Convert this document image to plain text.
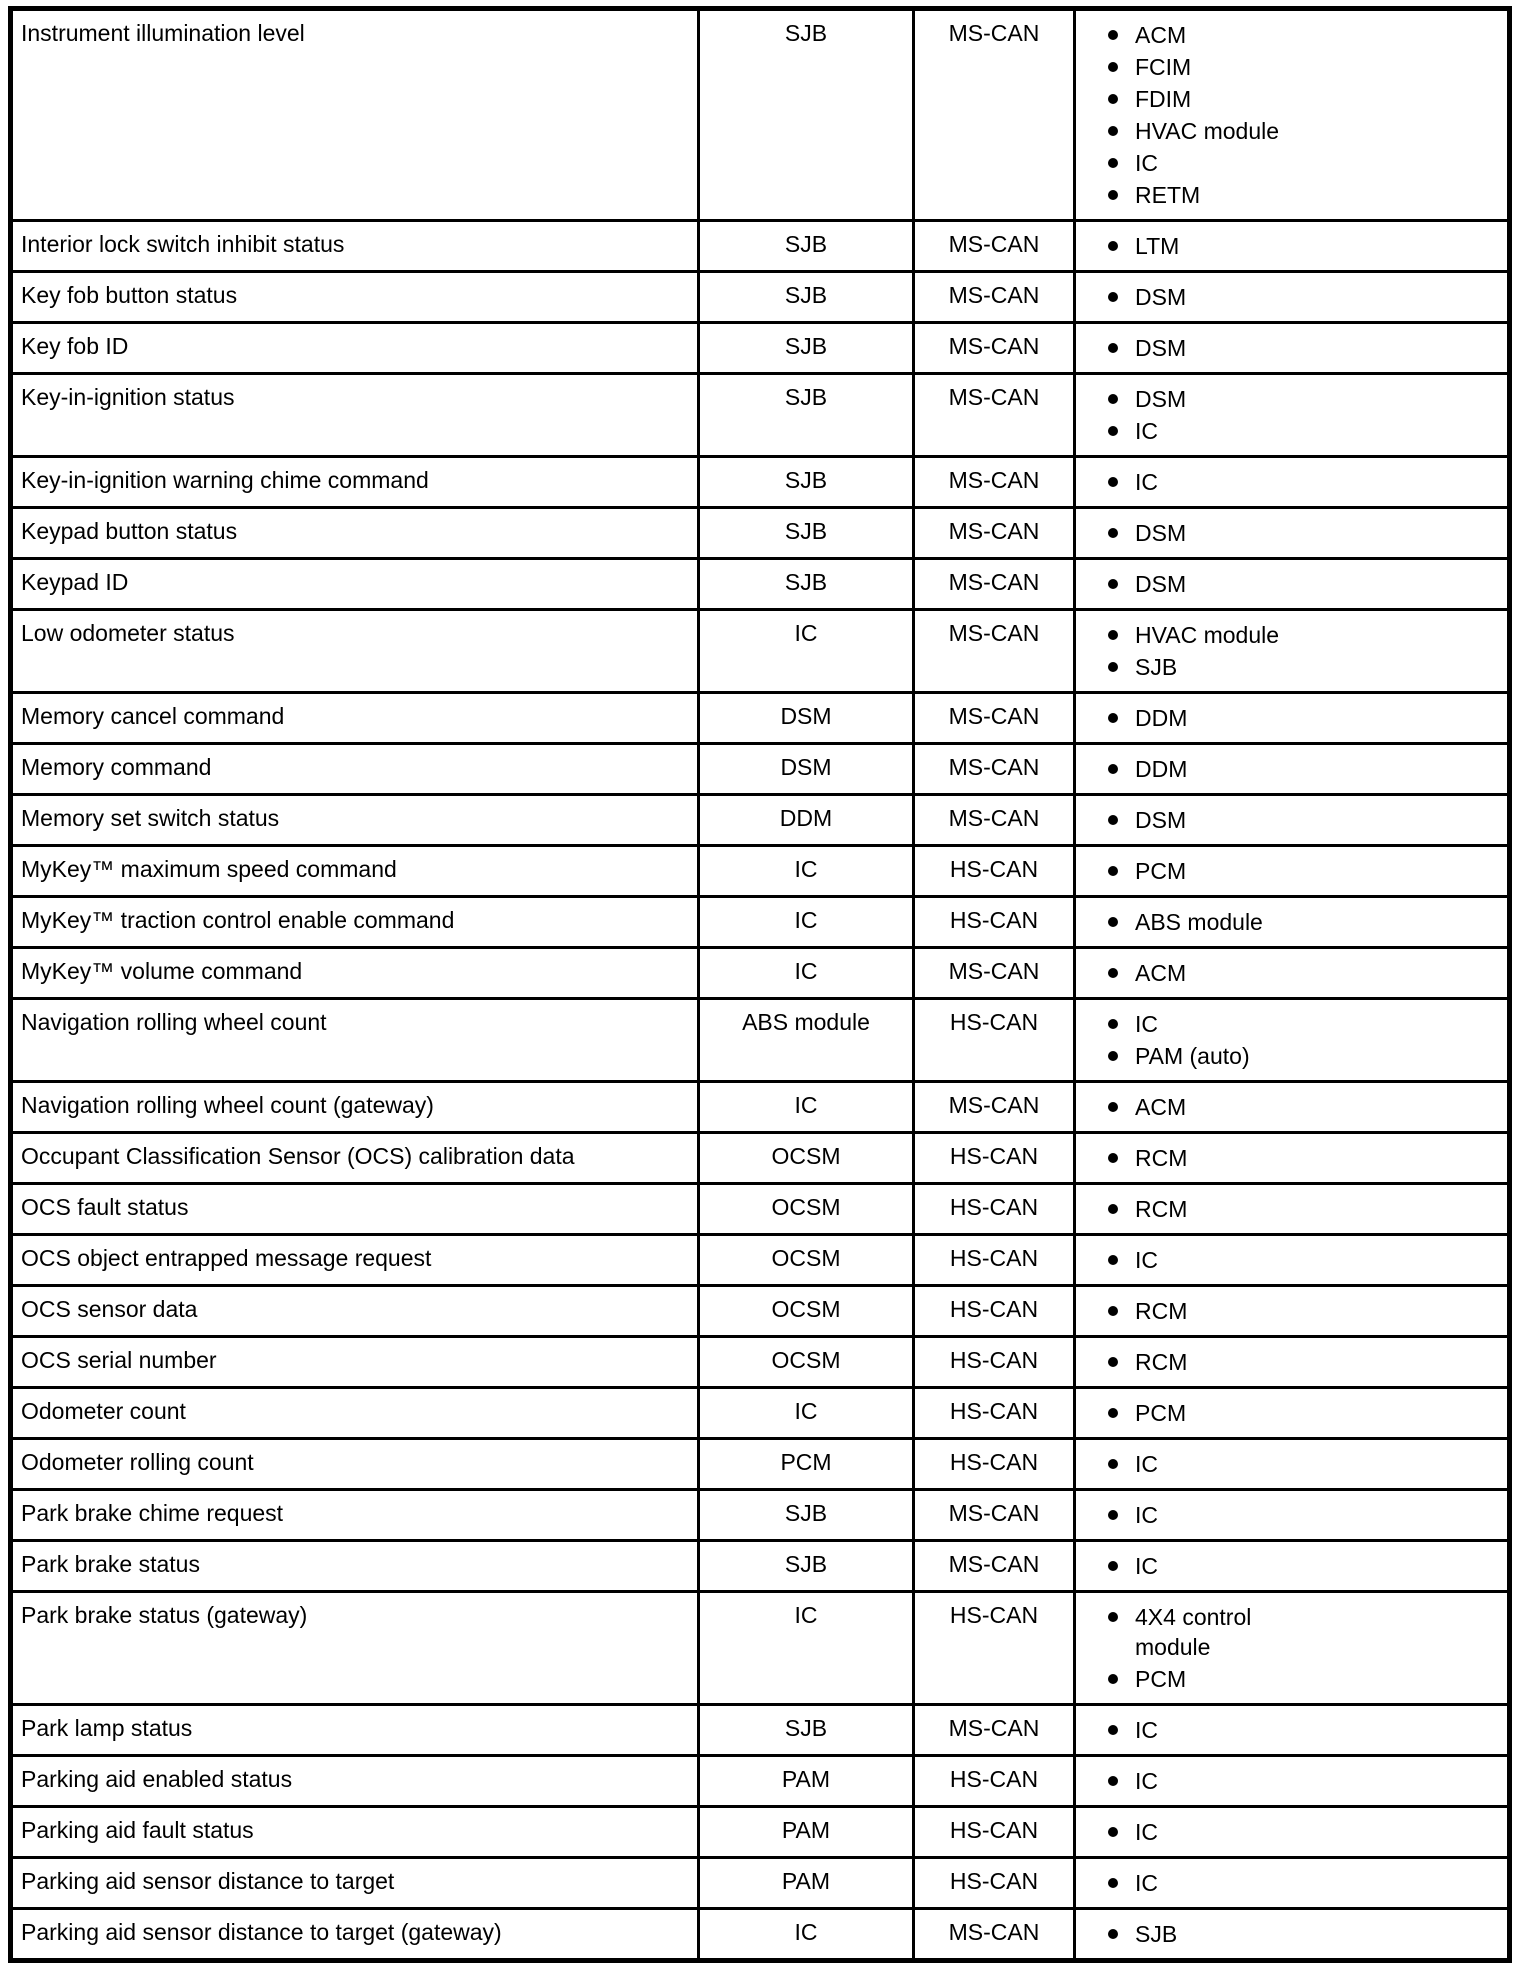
Instrument illumination level	SJB	MS-CAN	ACM
FCIM
FDIM
HVAC module
IC
RETM

Interior lock switch inhibit status	SJB	MS-CAN	LTM

Key fob button status	SJB	MS-CAN	DSM

Key fob ID	SJB	MS-CAN	DSM

Key-in-ignition status	SJB	MS-CAN	DSM
IC

Key-in-ignition warning chime command	SJB	MS-CAN	IC

Keypad button status	SJB	MS-CAN	DSM

Keypad ID	SJB	MS-CAN	DSM

Low odometer status	IC	MS-CAN	HVAC module
SJB

Memory cancel command	DSM	MS-CAN	DDM

Memory command	DSM	MS-CAN	DDM

Memory set switch status	DDM	MS-CAN	DSM

MyKey™ maximum speed command	IC	HS-CAN	PCM

MyKey™ traction control enable command	IC	HS-CAN	ABS module

MyKey™ volume command	IC	MS-CAN	ACM

Navigation rolling wheel count	ABS module	HS-CAN	IC
PAM (auto)

Navigation rolling wheel count (gateway)	IC	MS-CAN	ACM

Occupant Classification Sensor (OCS) calibration data	OCSM	HS-CAN	RCM

OCS fault status	OCSM	HS-CAN	RCM

OCS object entrapped message request	OCSM	HS-CAN	IC

OCS sensor data	OCSM	HS-CAN	RCM

OCS serial number	OCSM	HS-CAN	RCM

Odometer count	IC	HS-CAN	PCM

Odometer rolling count	PCM	HS-CAN	IC

Park brake chime request	SJB	MS-CAN	IC

Park brake status	SJB	MS-CAN	IC

Park brake status (gateway)	IC	HS-CAN	4X4 control module
PCM

Park lamp status	SJB	MS-CAN	IC

Parking aid enabled status	PAM	HS-CAN	IC

Parking aid fault status	PAM	HS-CAN	IC

Parking aid sensor distance to target	PAM	HS-CAN	IC

Parking aid sensor distance to target (gateway)	IC	MS-CAN	SJB
